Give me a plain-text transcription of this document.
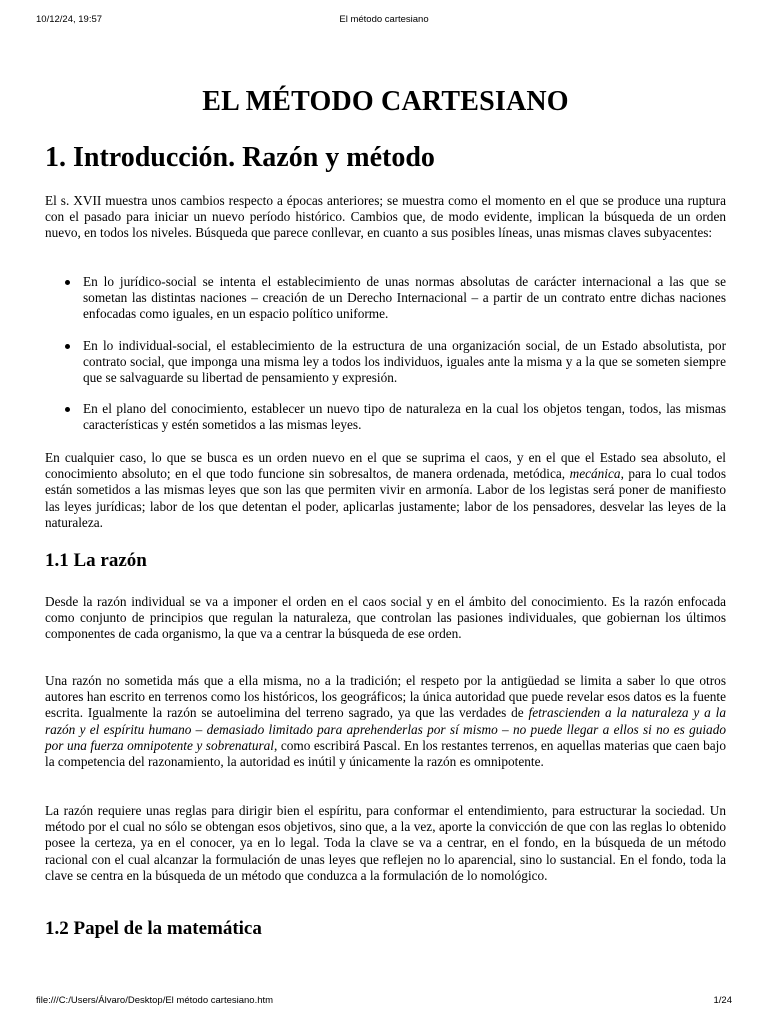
10/12/24, 19:57	El método cartesiano
EL MÉTODO CARTESIANO
1. Introducción. Razón y método

El s. XVII muestra unos cambios respecto a épocas anteriores; se muestra como el momento en el que se produce una ruptura con el pasado para iniciar un nuevo período histórico. Cambios que, de modo evidente, implican la búsqueda de un orden nuevo, en todos los niveles. Búsqueda que parece conllevar, en cuanto a sus posibles líneas, unas mismas claves subyacentes:

En lo jurídico-social se intenta el establecimiento de unas normas absolutas de carácter internacional a las que se sometan las distintas naciones – creación de un Derecho Internacional – a partir de un contrato entre dichas naciones enfocadas como iguales, en un espacio político uniforme.
En lo individual-social, el establecimiento de la estructura de una organización social, de un Estado absolutista, por contrato social, que imponga una misma ley a todos los individuos, iguales ante la misma y a la que se someten siempre que se salvaguarde su libertad de pensamiento y expresión.
En el plano del conocimiento, establecer un nuevo tipo de naturaleza en la cual los objetos tengan, todos, las mismas características y estén sometidos a las mismas leyes.

En cualquier caso, lo que se busca es un orden nuevo en el que se suprima el caos, y en el que el Estado sea absoluto, el conocimiento absoluto; en el que todo funcione sin sobresaltos, de manera ordenada, metódica, mecánica, para lo cual todos están sometidos a las mismas leyes que son las que permiten vivir en armonía. Labor de los legistas será poner de manifiesto las leyes jurídicas; labor de los que detentan el poder, aplicarlas justamente; labor de los pensadores, desvelar las leyes de la naturaleza.

1.1 La razón

Desde la razón individual se va a imponer el orden en el caos social y en el ámbito del conocimiento. Es la razón enfocada como conjunto de principios que regulan la naturaleza, que controlan las pasiones individuales, que gobiernan los últimos componentes de cada organismo, la que va a centrar la búsqueda de ese orden.

Una razón no sometida más que a ella misma, no a la tradición; el respeto por la antigüedad se limita a saber lo que otros autores han escrito en terrenos como los históricos, los geográficos; la única autoridad que puede revelar esos datos es la fuente escrita. Igualmente la razón se autoelimina del terreno sagrado, ya que las verdades de fetrascienden a la naturaleza y a la razón y el espíritu humano – demasiado limitado para aprehenderlas por sí mismo – no puede llegar a ellos si no es guiado por una fuerza omnipotente y sobrenatural, como escribirá Pascal. En los restantes terrenos, en aquellas materias que caen bajo la competencia del razonamiento, la autoridad es inútil y únicamente la razón es omnipotente.

La razón requiere unas reglas para dirigir bien el espíritu, para conformar el entendimiento, para estructurar la sociedad. Un método por el cual no sólo se obtengan esos objetivos, sino que, a la vez, aporte la convicción de que con las reglas lo obtenido posee la certeza, ya en el conocer, ya en lo legal. Toda la clave se va a centrar, en el fondo, en la búsqueda de un método racional con el cual alcanzar la formulación de unas leyes que reflejen no lo aparencial, sino lo sustancial. En el fondo, toda la clave se centra en la búsqueda de un método que conduzca a la formulación de lo nomológico.

1.2 Papel de la matemática
file:///C:/Users/Álvaro/Desktop/El método cartesiano.htm	1/24
